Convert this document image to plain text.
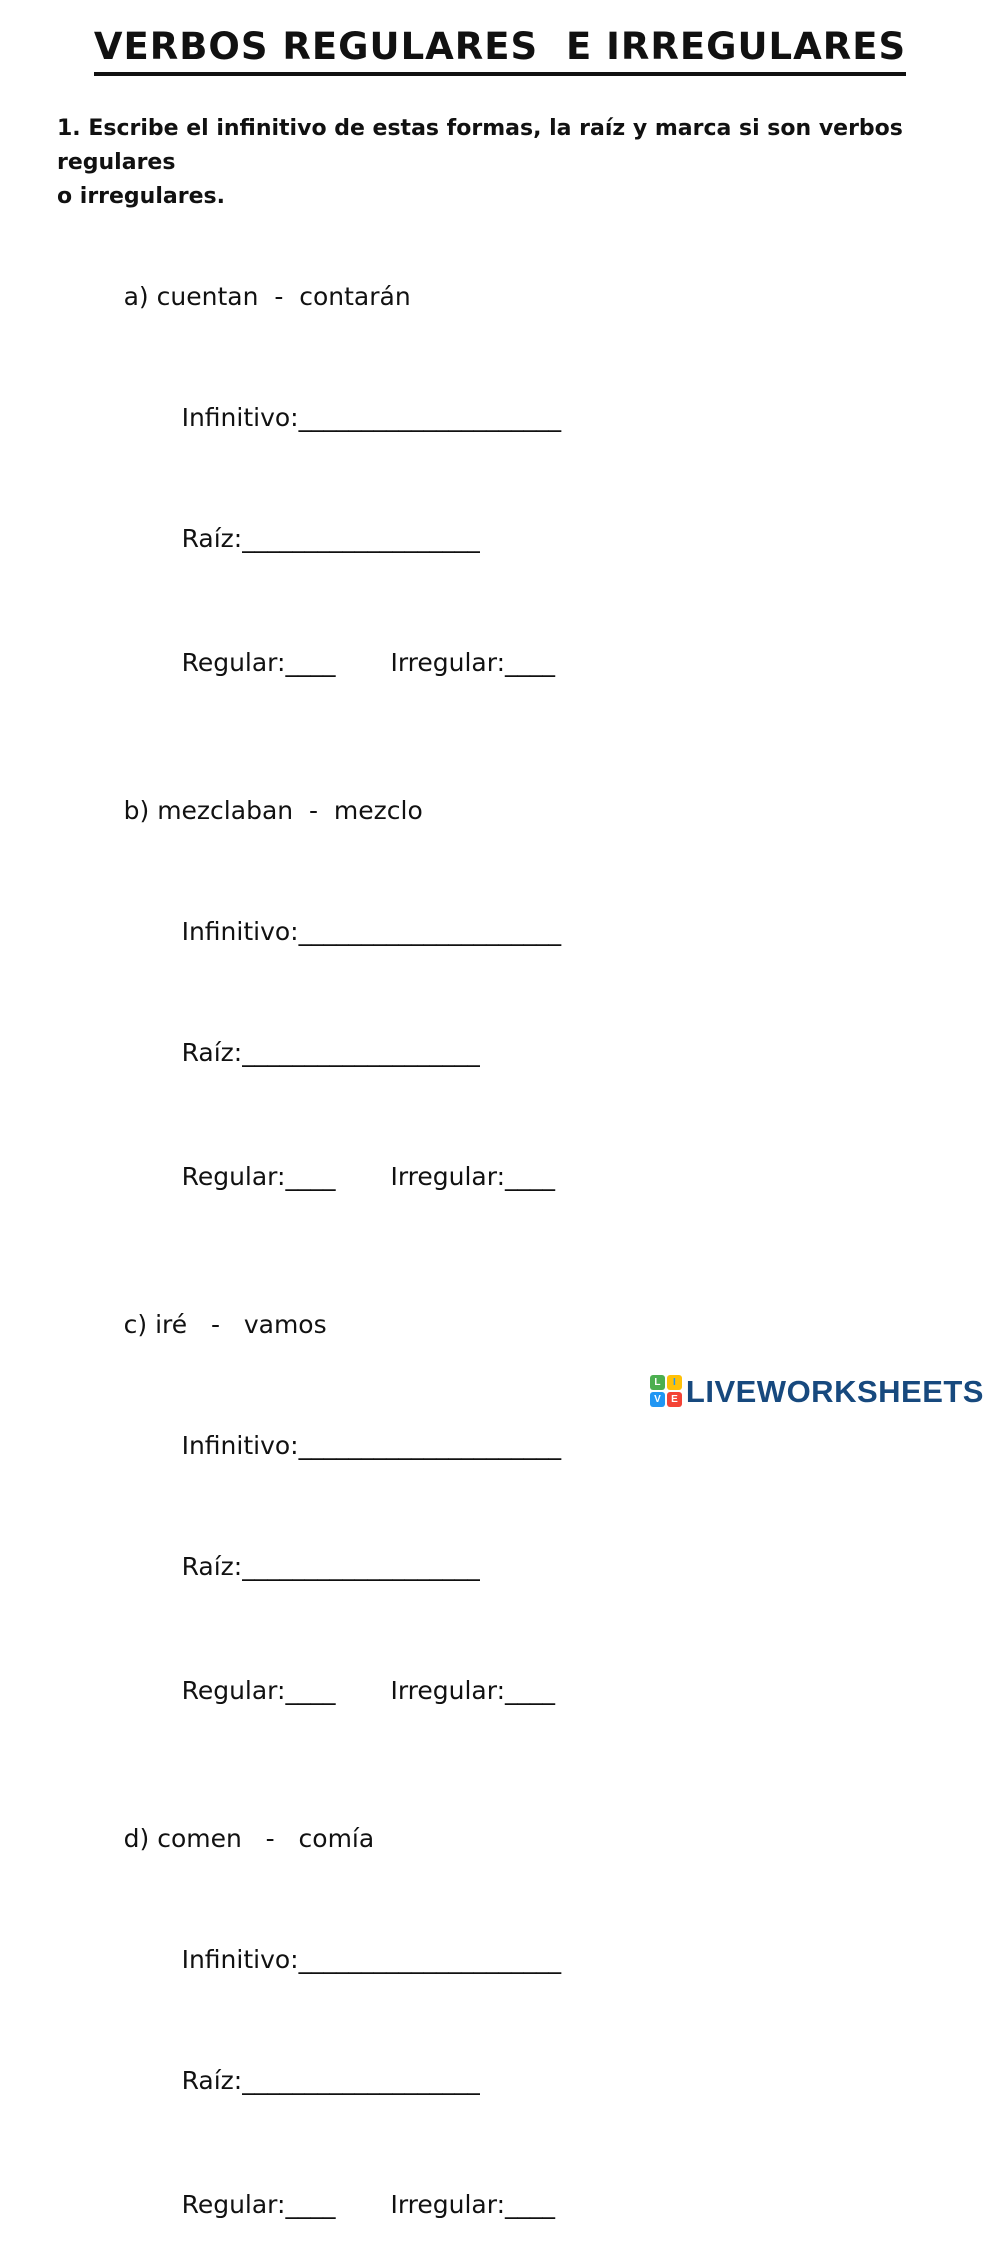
VERBOS REGULARES  E IRREGULARES
1. Escribe el infinitivo de estas formas, la raíz y marca si son verbos regulares
o irregulares.

a) cuentan  -  contarán

Infinitivo:_____________________

Raíz:___________________

Regular:____ Irregular:____

b) mezclaban  -  mezclo

Infinitivo:_____________________

Raíz:___________________

Regular:____ Irregular:____

c) iré   -   vamos

Infinitivo:_____________________

Raíz:___________________

Regular:____ Irregular:____

d) comen   -   comía

Infinitivo:_____________________

Raíz:___________________

Regular:____ Irregular:____

L	I
V	E LIVEWORKSHEETS
